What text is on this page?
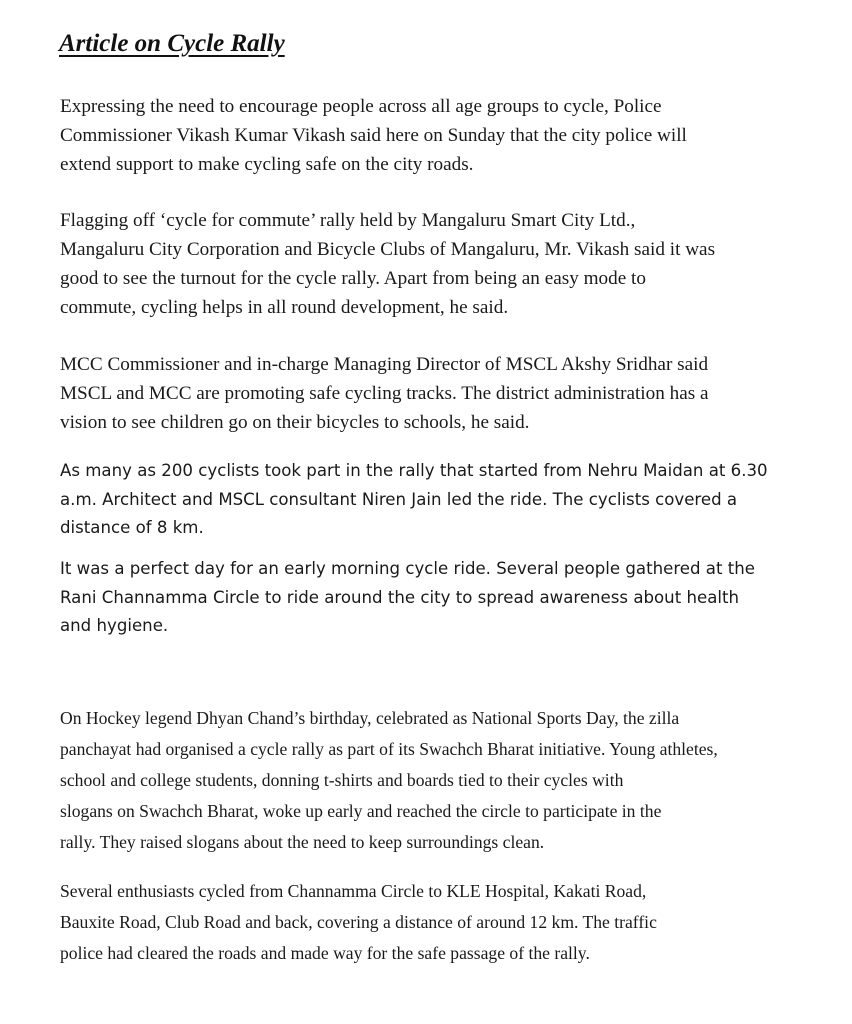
Article on Cycle Rally

Expressing the need to encourage people across all age groups to cycle, Police
Commissioner Vikash Kumar Vikash said here on Sunday that the city police will
extend support to make cycling safe on the city roads.

Flagging off ‘cycle for commute’ rally held by Mangaluru Smart City Ltd.,
Mangaluru City Corporation and Bicycle Clubs of Mangaluru, Mr. Vikash said it was
good to see the turnout for the cycle rally. Apart from being an easy mode to
commute, cycling helps in all round development, he said.

MCC Commissioner and in-charge Managing Director of MSCL Akshy Sridhar said
MSCL and MCC are promoting safe cycling tracks. The district administration has a
vision to see children go on their bicycles to schools, he said.

As many as 200 cyclists took part in the rally that started from Nehru Maidan at 6.30
a.m. Architect and MSCL consultant Niren Jain led the ride. The cyclists covered a
distance of 8 km.

It was a perfect day for an early morning cycle ride. Several people gathered at the
Rani Channamma Circle to ride around the city to spread awareness about health
and hygiene.

On Hockey legend Dhyan Chand’s birthday, celebrated as National Sports Day, the zilla
panchayat had organised a cycle rally as part of its Swachch Bharat initiative. Young athletes,
school and college students, donning t-shirts and boards tied to their cycles with
slogans on Swachch Bharat, woke up early and reached the circle to participate in the
rally. They raised slogans about the need to keep surroundings clean.

Several enthusiasts cycled from Channamma Circle to KLE Hospital, Kakati Road,
Bauxite Road, Club Road and back, covering a distance of around 12 km. The traffic
police had cleared the roads and made way for the safe passage of the rally.
